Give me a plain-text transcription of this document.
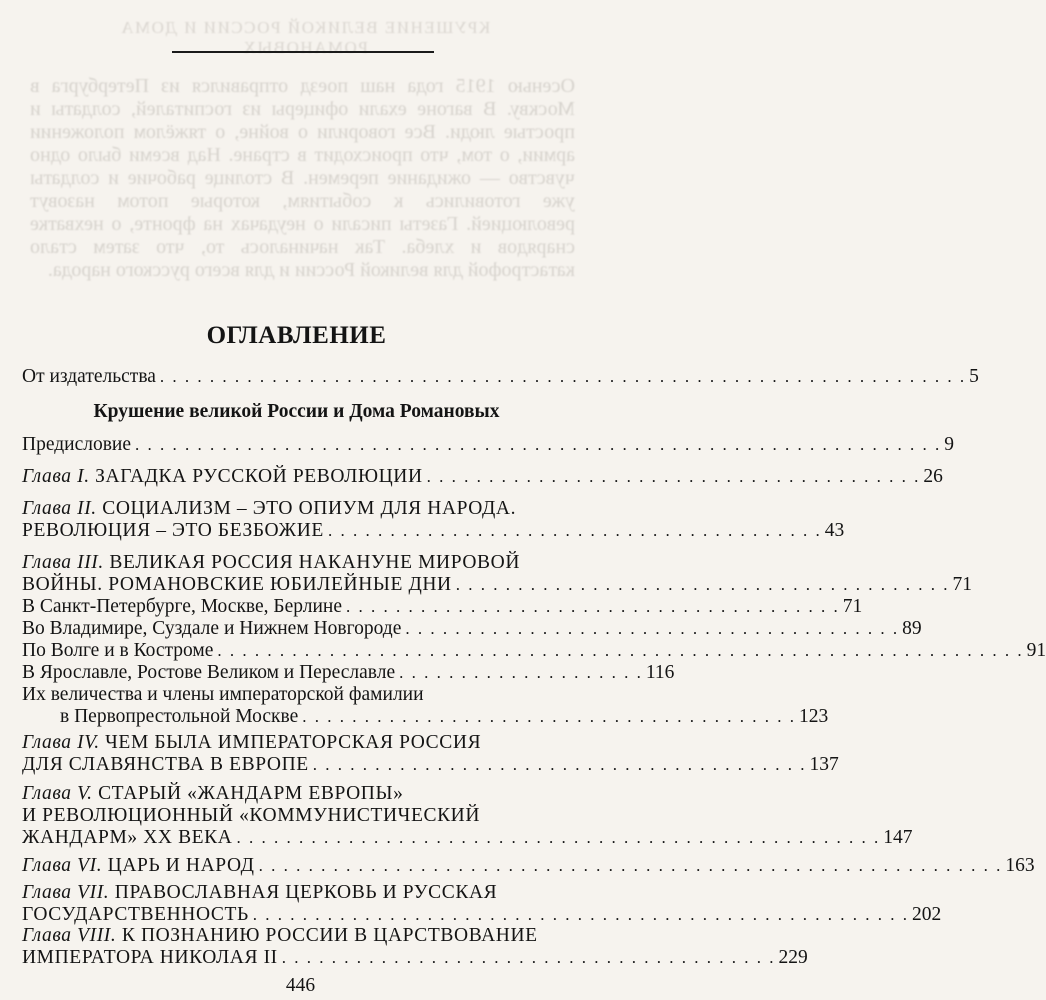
КРУШЕНИЕ ВЕЛИКОЙ РОССИИ И ДОМА РОМАНОВЫХ
Осенью 1915 года наш поезд отправился из Петербурга в Москву. В вагоне ехали офицеры из госпиталей, солдаты и простые люди. Все говорили о войне, о тяжёлом положении армии, о том, что происходит в стране. Над всеми было одно чувство — ожидание перемен. В столице рабочие и солдаты уже готовились к событиям, которые потом назовут революцией. Газеты писали о неудачах на фронте, о нехватке снарядов и хлеба. Так начиналось то, что затем стало катастрофой для великой России и для всего русского народа.
ОГЛАВЛЕНИЕ
Крушение великой России и Дома Романовых
От издательства . . . . . . . . . . . . . . . . . . . . . . . . . . . . . . . . . . . . . . . . . . . . . . . . . . . . . . . . . . . . . . . . . 5
Предисловие . . . . . . . . . . . . . . . . . . . . . . . . . . . . . . . . . . . . . . . . . . . . . . . . . . . . . . . . . . . . . . . . . 9
Глава I. ЗАГАДКА РУССКОЙ РЕВОЛЮЦИИ . . . . . . . . . . . . . . . . . . . . . . . . . . . . . . . . . . . . . . . . 26
Глава II. СОЦИАЛИЗМ – ЭТО ОПИУМ ДЛЯ НАРОДА.
РЕВОЛЮЦИЯ – ЭТО БЕЗБОЖИЕ . . . . . . . . . . . . . . . . . . . . . . . . . . . . . . . . . . . . . . . . 43
Глава III. ВЕЛИКАЯ РОССИЯ НАКАНУНЕ МИРОВОЙ
ВОЙНЫ. РОМАНОВСКИЕ ЮБИЛЕЙНЫЕ ДНИ . . . . . . . . . . . . . . . . . . . . . . . . . . . . . . . . . . . . . . . . 71
В Санкт-Петербурге, Москве, Берлине . . . . . . . . . . . . . . . . . . . . . . . . . . . . . . . . . . . . . . . . 71
Во Владимире, Суздале и Нижнем Новгороде . . . . . . . . . . . . . . . . . . . . . . . . . . . . . . . . . . . . . . . . 89
По Волге и в Костроме . . . . . . . . . . . . . . . . . . . . . . . . . . . . . . . . . . . . . . . . . . . . . . . . . . . . . . . . . . . . . . . . . 91
В Ярославле, Ростове Великом и Переславле . . . . . . . . . . . . . . . . . . . . 116
Их величества и члены императорской фамилии
в Первопрестольной Москве . . . . . . . . . . . . . . . . . . . . . . . . . . . . . . . . . . . . . . . . 123
Глава IV. ЧЕМ БЫЛА ИМПЕРАТОРСКАЯ РОССИЯ
ДЛЯ СЛАВЯНСТВА В ЕВРОПЕ . . . . . . . . . . . . . . . . . . . . . . . . . . . . . . . . . . . . . . . . 137
Глава V. СТАРЫЙ «ЖАНДАРМ ЕВРОПЫ»
И РЕВОЛЮЦИОННЫЙ «КОММУНИСТИЧЕСКИЙ
ЖАНДАРМ» XX ВЕКА . . . . . . . . . . . . . . . . . . . . . . . . . . . . . . . . . . . . . . . . . . . . . . . . . . . . 147
Глава VI. ЦАРЬ И НАРОД . . . . . . . . . . . . . . . . . . . . . . . . . . . . . . . . . . . . . . . . . . . . . . . . . . . . . . . . . . . . 163
Глава VII. ПРАВОСЛАВНАЯ ЦЕРКОВЬ И РУССКАЯ
ГОСУДАРСТВЕННОСТЬ . . . . . . . . . . . . . . . . . . . . . . . . . . . . . . . . . . . . . . . . . . . . . . . . . . . . . 202
Глава VIII. К ПОЗНАНИЮ РОССИИ В ЦАРСТВОВАНИЕ
ИМПЕРАТОРА НИКОЛАЯ II . . . . . . . . . . . . . . . . . . . . . . . . . . . . . . . . . . . . . . . . 229
446
